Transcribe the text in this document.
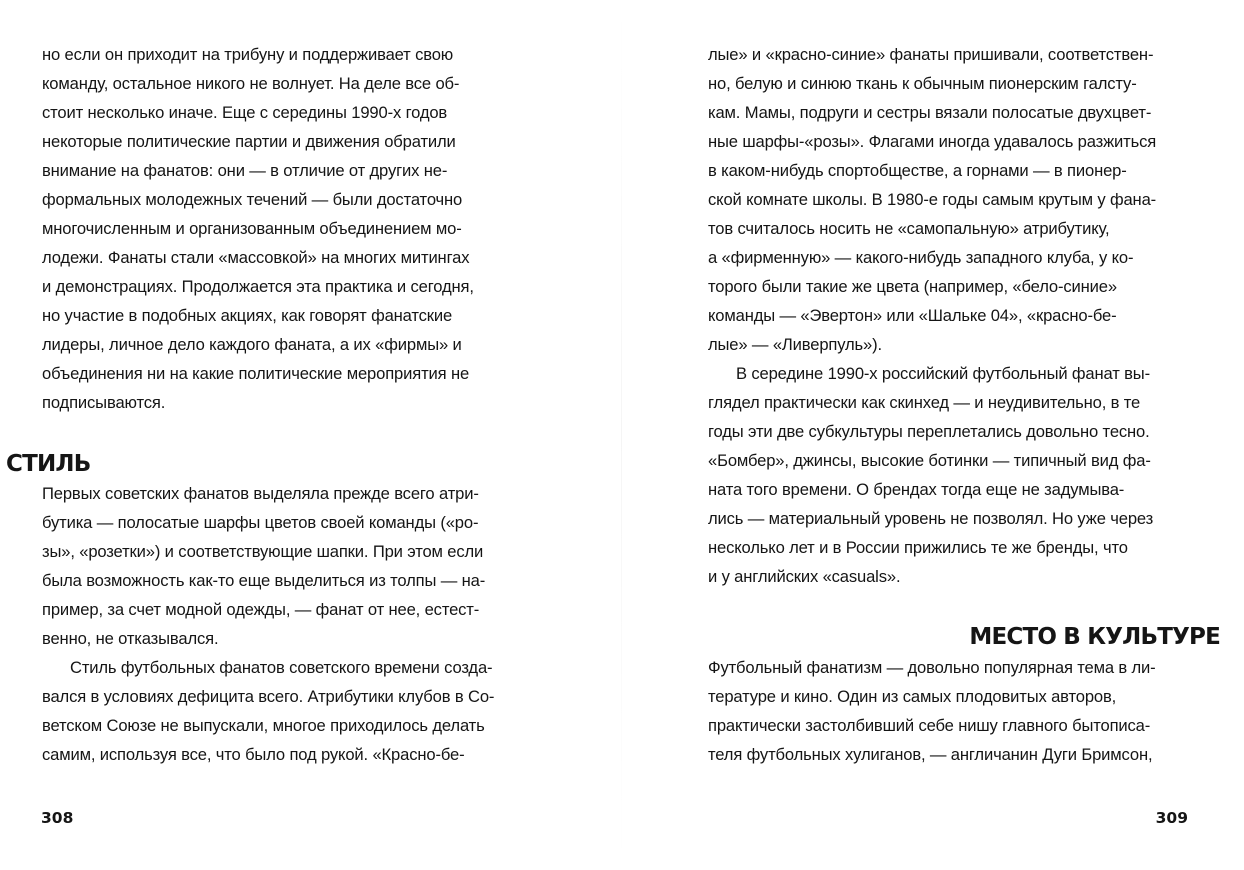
но если он приходит на трибуну и поддерживает свою
команду, остальное никого не волнует. На деле все об-
стоит несколько иначе. Еще с середины 1990-х годов
некоторые политические партии и движения обратили
внимание на фанатов: они — в отличие от других не-
формальных молодежных течений — были достаточно
многочисленным и организованным объединением мо-
лодежи. Фанаты стали «массовкой» на многих митингах
и демонстрациях. Продолжается эта практика и сегодня,
но участие в подобных акциях, как говорят фанатские
лидеры, личное дело каждого фаната, а их «фирмы» и
объединения ни на какие политические мероприятия не
подписываются.
СТИЛЬ
Первых советских фанатов выделяла прежде всего атри-
бутика — полосатые шарфы цветов своей команды («ро-
зы», «розетки») и соответствующие шапки. При этом если
была возможность как-то еще выделиться из толпы — на-
пример, за счет модной одежды, — фанат от нее, естест-
венно, не отказывался.
Стиль футбольных фанатов советского времени созда-
вался в условиях дефицита всего. Атрибутики клубов в Со-
ветском Союзе не выпускали, многое приходилось делать
самим, используя все, что было под рукой. «Красно-бе-
308
лые» и «красно-синие» фанаты пришивали, соответствен-
но, белую и синюю ткань к обычным пионерским галсту-
кам. Мамы, подруги и сестры вязали полосатые двухцвет-
ные шарфы-«розы». Флагами иногда удавалось разжиться
в каком-нибудь спортобществе, а горнами — в пионер-
ской комнате школы. В 1980-е годы самым крутым у фана-
тов считалось носить не «самопальную» атрибутику,
а «фирменную» — какого-нибудь западного клуба, у ко-
торого были такие же цвета (например, «бело-синие»
команды — «Эвертон» или «Шальке 04», «красно-бе-
лые» — «Ливерпуль»).
В середине 1990-х российский футбольный фанат вы-
глядел практически как скинхед — и неудивительно, в те
годы эти две субкультуры переплетались довольно тесно.
«Бомбер», джинсы, высокие ботинки — типичный вид фа-
ната того времени. О брендах тогда еще не задумыва-
лись — материальный уровень не позволял. Но уже через
несколько лет и в России прижились те же бренды, что
и у английских «casuals».
МЕСТО В КУЛЬТУРЕ
Футбольный фанатизм — довольно популярная тема в ли-
тературе и кино. Один из самых плодовитых авторов,
практически застолбивший себе нишу главного бытописа-
теля футбольных хулиганов, — англичанин Дуги Бримсон,
309
